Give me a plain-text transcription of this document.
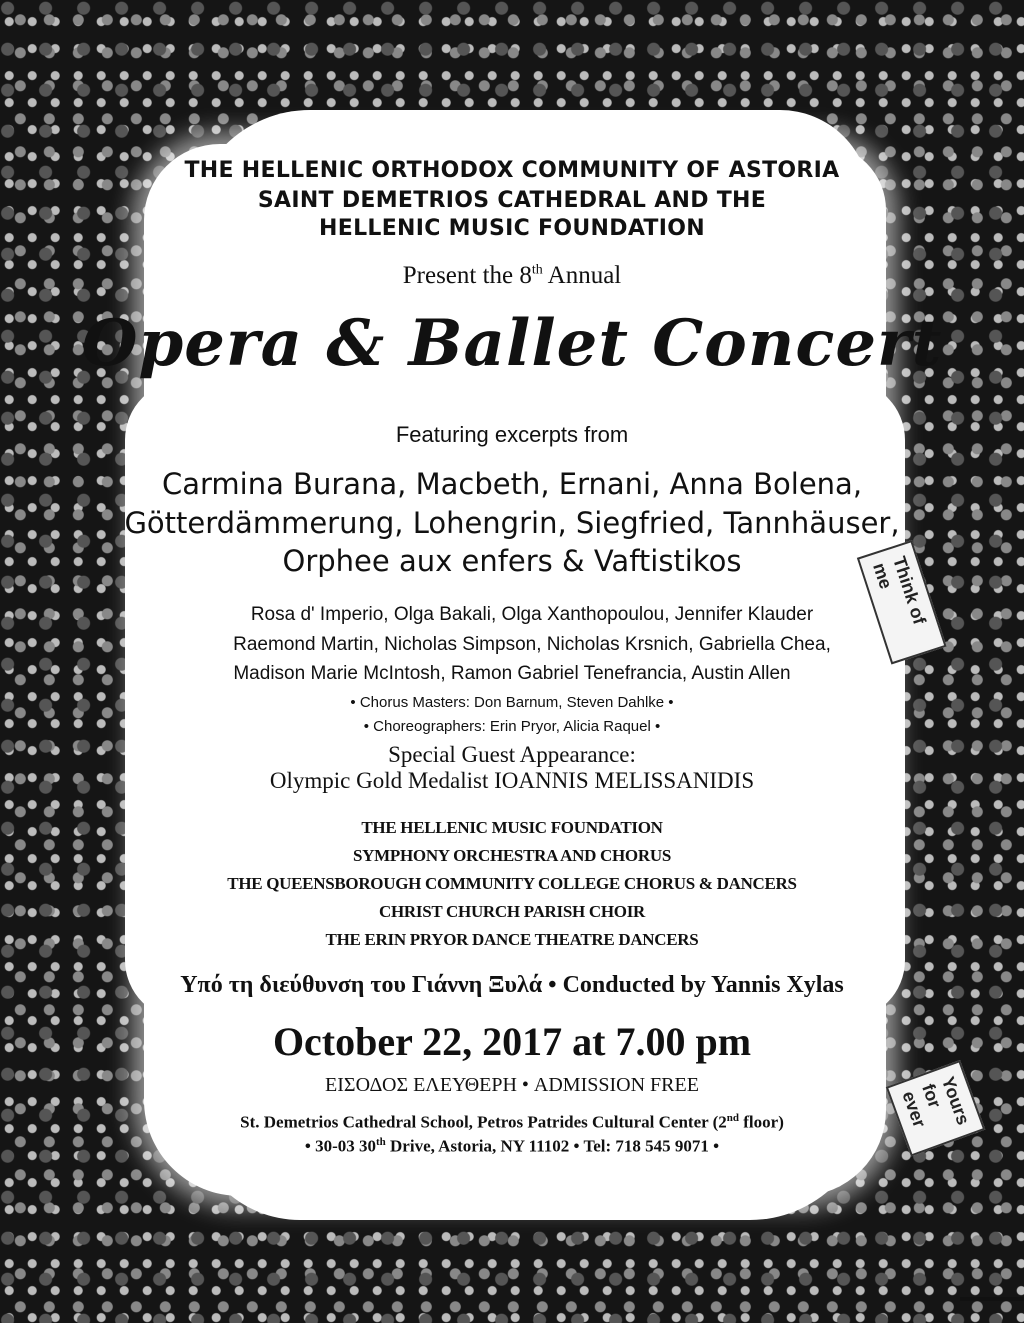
Think of me
Yours for ever
THE HELLENIC ORTHODOX COMMUNITY OF ASTORIA
SAINT DEMETRIOS CATHEDRAL AND THE
HELLENIC MUSIC FOUNDATION
Present the 8th Annual
Opera & Ballet Concert
Featuring excerpts from
Carmina Burana, Macbeth, Ernani, Anna Bolena,
Götterdämmerung, Lohengrin, Siegfried, Tannhäuser,
Orphee aux enfers & Vaftistikos
Rosa d' Imperio, Olga Bakali, Olga Xanthopoulou, Jennifer Klauder
Raemond Martin, Nicholas Simpson, Nicholas Krsnich, Gabriella Chea,
Madison Marie McIntosh, Ramon Gabriel Tenefrancia, Austin Allen
• Chorus Masters: Don Barnum, Steven Dahlke •
• Choreographers: Erin Pryor, Alicia Raquel •
Special Guest Appearance:
Olympic Gold Medalist IOANNIS MELISSANIDIS
THE HELLENIC MUSIC FOUNDATION
SYMPHONY ORCHESTRA AND CHORUS
THE QUEENSBOROUGH COMMUNITY COLLEGE CHORUS & DANCERS
CHRIST CHURCH PARISH CHOIR
THE ERIN PRYOR DANCE THEATRE DANCERS
Υπό τη διεύθυνση του Γιάννη Ξυλά • Conducted by Yannis Xylas
October 22, 2017 at 7.00 pm
ΕΙΣΟΔΟΣ ΕΛΕΥΘΕΡΗ • ADMISSION FREE
St. Demetrios Cathedral School, Petros Patrides Cultural Center (2nd floor)
• 30-03 30th Drive, Astoria, NY 11102 • Tel: 718 545 9071 •
